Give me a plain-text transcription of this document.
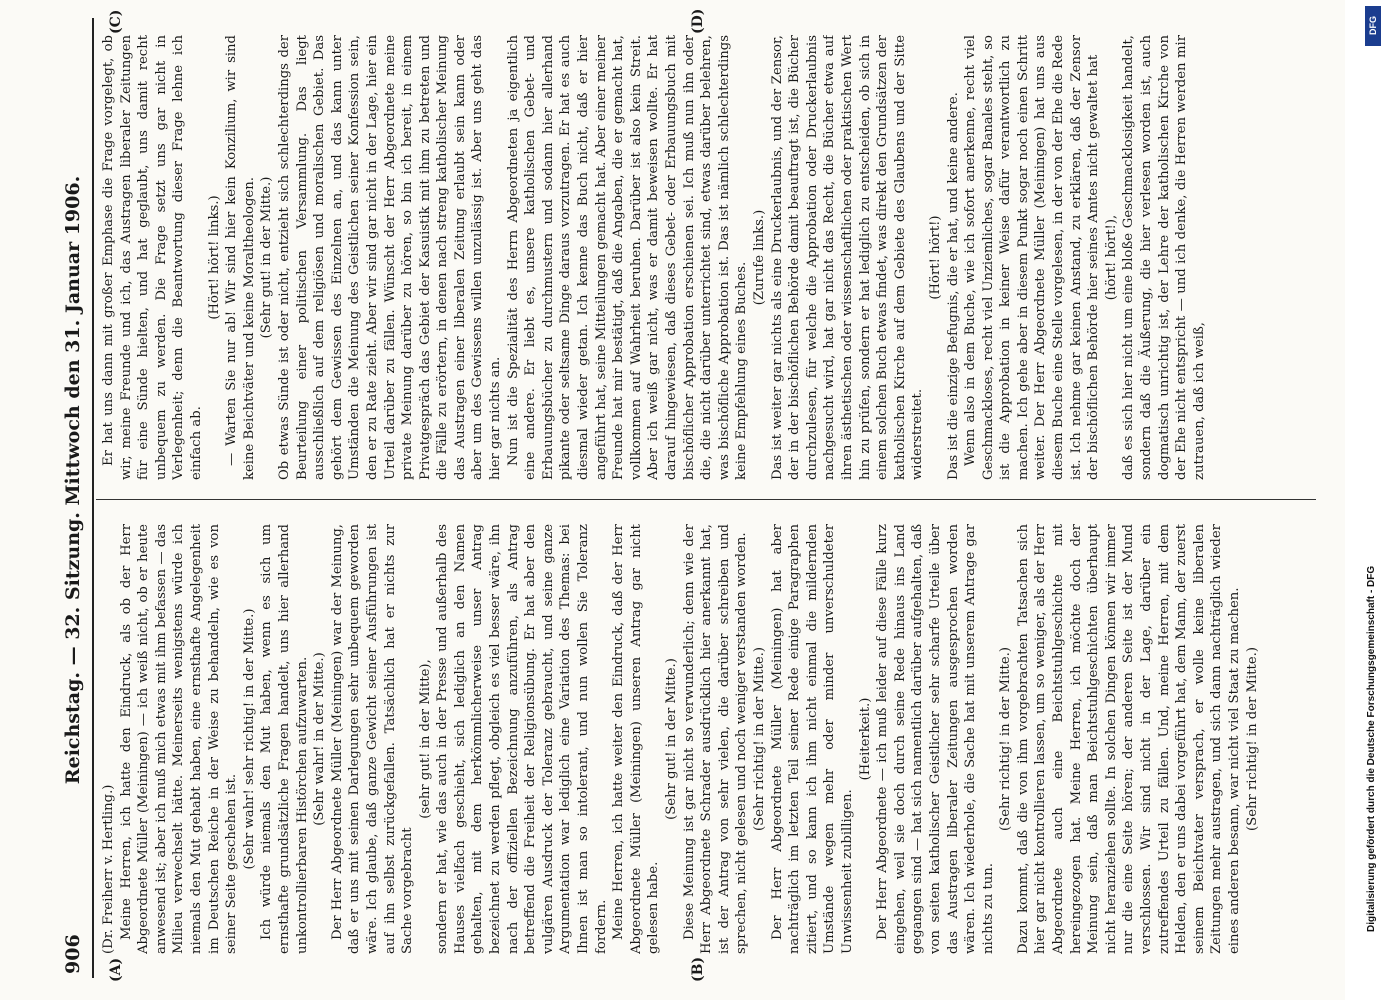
906
Reichstag. — 32. Sitzung. Mittwoch den 31. Januar 1906.
(A)	(B)
(C)	(D)

(Dr. Freiherr v. Hertling.) Meine Herren, ich hatte den Eindruck, als ob der Herr Abgeordnete Müller (Meiningen) — ich weiß nicht, ob er heute anwesend ist; aber ich muß mich etwas mit ihm befassen — das Milieu verwechselt hätte. Meinerseits wenigstens würde ich niemals den Mut gehabt haben, eine ernsthafte Angelegenheit im Deutschen Reiche in der Weise zu behandeln, wie es von seiner Seite geschehen ist. (Sehr wahr! sehr richtig! in der Mitte.) Ich würde niemals den Mut haben, wenn es sich um ernsthafte grundsätzliche Fragen handelt, uns hier allerhand unkontrollierbaren Histörchen aufzuwarten. (Sehr wahr! in der Mitte.) Der Herr Abgeordnete Müller (Meiningen) war der Meinung, daß er uns mit seinen Darlegungen sehr unbequem geworden wäre. Ich glaube, daß ganze Gewicht seiner Ausführungen ist auf ihn selbst zurückgefallen. Tatsächlich hat er nichts zur Sache vorgebracht

(sehr gut! in der Mitte), sondern er hat, wie das auch in der Presse und außerhalb des Hauses vielfach geschieht, sich lediglich an den Namen gehalten, mit dem herkömmlicherweise unser Antrag bezeichnet zu werden pflegt, obgleich es viel besser wäre, ihn nach der offiziellen Bezeichnung anzuführen, als Antrag betreffend die Freiheit der Religionsübung. Er hat aber den vulgären Ausdruck der Toleranz gebraucht, und seine ganze Argumentation war lediglich eine Variation des Themas: bei Ihnen ist man so intolerant, und nun wollen Sie Toleranz fordern. Meine Herren, ich hatte weiter den Eindruck, daß der Herr Abgeordnete Müller (Meiningen) unseren Antrag gar nicht gelesen habe.

(Sehr gut! in der Mitte.) Diese Meinung ist gar nicht so verwunderlich; denn wie der Herr Abgeordnete Schrader ausdrücklich hier anerkannt hat, ist der Antrag von sehr vielen, die darüber schreiben und sprechen, nicht gelesen und noch weniger verstanden worden. (Sehr richtig! in der Mitte.) Der Herr Abgeordnete Müller (Meiningen) hat aber nachträglich im letzten Teil seiner Rede einige Paragraphen zitiert, und so kann ich ihm nicht einmal die mildernden Umstände wegen mehr oder minder unverschuldeter Unwissenheit zubilligen.

(Heiterkeit.) Der Herr Abgeordnete — ich muß leider auf diese Fälle kurz eingehen, weil sie doch durch seine Rede hinaus ins Land gegangen sind — hat sich namentlich darüber aufgehalten, daß von seiten katholischer Geistlicher sehr scharfe Urteile über das Austragen liberaler Zeitungen ausgesprochen worden wären. Ich wiederhole, die Sache hat mit unserem Antrage gar nichts zu tun.

(Sehr richtig! in der Mitte.) Dazu kommt, daß die von ihm vorgebrachten Tatsachen sich hier gar nicht kontrollieren lassen, um so weniger, als der Herr Abgeordnete auch eine Beichtstuhlgeschichte mit hereingezogen hat. Meine Herren, ich möchte doch der Meinung sein, daß man Beichtstuhlgeschichten überhaupt nicht heranziehen sollte. In solchen Dingen können wir immer nur die eine Seite hören; der anderen Seite ist der Mund verschlossen. Wir sind nicht in der Lage, darüber ein zutreffendes Urteil zu fällen. Und, meine Herren, mit dem Helden, den er uns dabei vorgeführt hat, dem Mann, der zuerst seinem Beichtvater versprach, er wolle keine liberalen Zeitungen mehr austragen, und sich dann nachträglich wieder eines anderen besann, war nicht viel Staat zu machen. (Sehr richtig! in der Mitte.)

Er hat uns dann mit großer Emphase die Frage vorgelegt, ob wir, meine Freunde und ich, das Austragen liberaler Zeitungen für eine Sünde hielten, und hat geglaubt, uns damit recht unbequem zu werden. Die Frage setzt uns gar nicht in Verlegenheit; denn die Beantwortung dieser Frage lehne ich einfach ab.

(Hört! hört! links.) — Warten Sie nur ab! Wir sind hier kein Konzilium, wir sind keine Beichtväter und keine Moraltheologen. (Sehr gut! in der Mitte.) Ob etwas Sünde ist oder nicht, entzieht sich schlechterdings der Beurteilung einer politischen Versammlung. Das liegt ausschließlich auf dem religiösen und moralischen Gebiet. Das gehört dem Gewissen des Einzelnen an, und das kann unter Umständen die Meinung des Geistlichen seiner Konfession sein, den er zu Rate zieht. Aber wir sind gar nicht in der Lage, hier ein Urteil darüber zu fällen. Wünscht der Herr Abgeordnete meine private Meinung darüber zu hören, so bin ich bereit, in einem Privatgespräch das Gebiet der Kasuistik mit ihm zu betreten und die Fälle zu erörtern, in denen nach streng katholischer Meinung das Austragen einer liberalen Zeitung erlaubt sein kann oder aber um des Gewissens willen unzulässig ist. Aber uns geht das hier gar nichts an. Nun ist die Spezialität des Herrn Abgeordneten ja eigentlich eine andere. Er liebt es, unsere katholischen Gebet- und Erbauungsbücher zu durchmustern und sodann hier allerhand pikante oder seltsame Dinge daraus vorzutragen. Er hat es auch diesmal wieder getan. Ich kenne das Buch nicht, daß er hier angeführt hat, seine Mitteilungen gemacht hat. Aber einer meiner Freunde hat mir bestätigt, daß die Angaben, die er gemacht hat, vollkommen auf Wahrheit beruhen. Darüber ist also kein Streit. Aber ich weiß gar nicht, was er damit beweisen wollte. Er hat darauf hingewiesen, daß dieses Gebet- oder Erbauungsbuch mit bischöflicher Approbation erschienen sei. Ich muß nun ihn oder die, die nicht darüber unterrichtet sind, etwas darüber belehren, was bischöfliche Approbation ist. Das ist nämlich schlechterdings keine Empfehlung eines Buches.

(Zurufe links.) Das ist weiter gar nichts als eine Druckerlaubnis, und der Zensor, der in der bischöflichen Behörde damit beauftragt ist, die Bücher durchzulesen, für welche die Approbation oder Druckerlaubnis nachgesucht wird, hat gar nicht das Recht, die Bücher etwa auf ihren ästhetischen oder wissenschaftlichen oder praktischen Wert hin zu prüfen, sondern er hat lediglich zu entscheiden, ob sich in einem solchen Buch etwas findet, was direkt den Grundsätzen der katholischen Kirche auf dem Gebiete des Glaubens und der Sitte widerstreitet.

(Hört! hört!) Das ist die einzige Befugnis, die er hat, und keine andere. Wenn also in dem Buche, wie ich sofort anerkenne, recht viel Geschmackloses, recht viel Unziemliches, sogar Banales steht, so ist die Approbation in keiner Weise dafür verantwortlich zu machen. Ich gehe aber in diesem Punkt sogar noch einen Schritt weiter. Der Herr Abgeordnete Müller (Meiningen) hat uns aus diesem Buche eine Stelle vorgelesen, in der von der Ehe die Rede ist. Ich nehme gar keinen Anstand, zu erklären, daß der Zensor der bischöflichen Behörde hier seines Amtes nicht gewaltet hat (hört! hört!), daß es sich hier nicht um eine bloße Geschmacklosigkeit handelt, sondern daß die Äußerung, die hier verlesen worden ist, auch dogmatisch unrichtig ist, der Lehre der katholischen Kirche von der Ehe nicht entspricht — und ich denke, die Herren werden mir zutrauen, daß ich weiß,

DFG
Digitalisierung gefördert durch die Deutsche Forschungsgemeinschaft - DFG
